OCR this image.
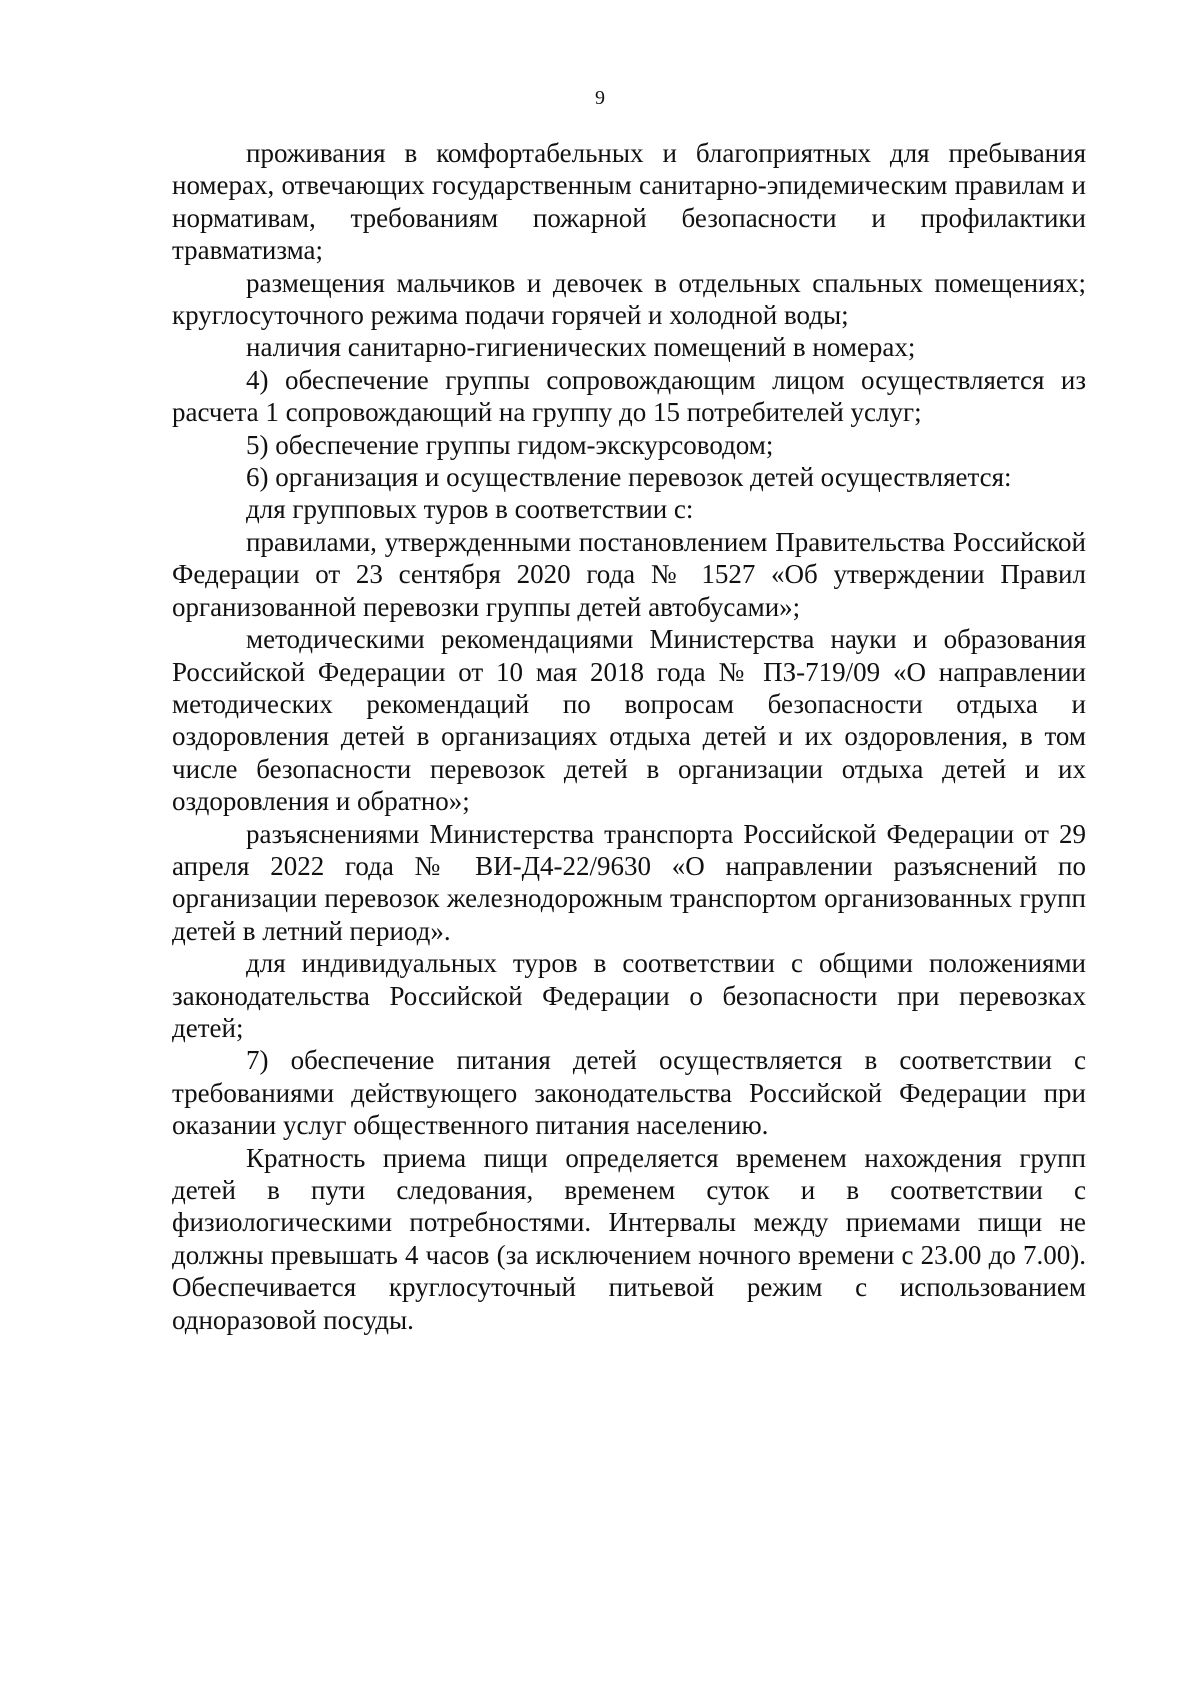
9

проживания в комфортабельных и благоприятных для пребывания номерах, отвечающих государственным санитарно-эпидемическим правилам и нормативам, требованиям пожарной безопасности и профилактики травматизма;

размещения мальчиков и девочек в отдельных спальных помещениях; круглосуточного режима подачи горячей и холодной воды;

наличия санитарно-гигиенических помещений в номерах;

4) обеспечение группы сопровождающим лицом осуществляется из расчета 1 сопровождающий на группу до 15 потребителей услуг;

5) обеспечение группы гидом-экскурсоводом;

6) организация и осуществление перевозок детей осуществляется:

для групповых туров в соответствии с:

правилами, утвержденными постановлением Правительства Российской Федерации от 23 сентября 2020 года № 1527 «Об утверждении Правил организованной перевозки группы детей автобусами»;

методическими рекомендациями Министерства науки и образования Российской Федерации от 10 мая 2018 года № ПЗ-719/09 «О направлении методических рекомендаций по вопросам безопасности отдыха и оздоровления детей в организациях отдыха детей и их оздоровления, в том числе безопасности перевозок детей в организации отдыха детей и их оздоровления и обратно»;

разъяснениями Министерства транспорта Российской Федерации от 29 апреля 2022 года № ВИ-Д4-22/9630 «О направлении разъяснений по организации перевозок железнодорожным транспортом организованных групп детей в летний период».

для индивидуальных туров в соответствии с общими положениями законодательства Российской Федерации о безопасности при перевозках детей;

7) обеспечение питания детей осуществляется в соответствии с требованиями действующего законодательства Российской Федерации при оказании услуг общественного питания населению.

Кратность приема пищи определяется временем нахождения групп детей в пути следования, временем суток и в соответствии с физиологическими потребностями. Интервалы между приемами пищи не должны превышать 4 часов (за исключением ночного времени с 23.00 до 7.00). Обеспечивается круглосуточный питьевой режим с использованием одноразовой посуды.
